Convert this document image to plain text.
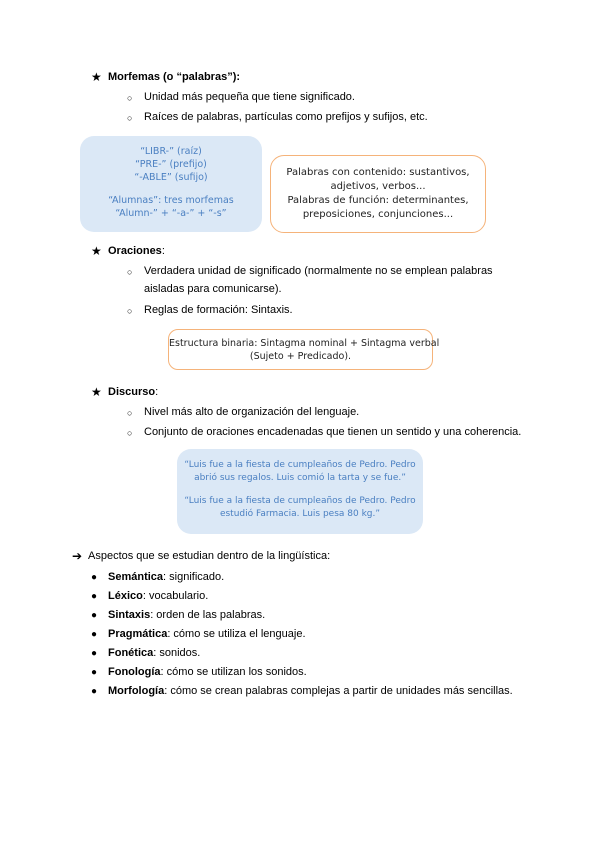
★ Morfemas (o “palabras”):
○ Unidad más pequeña que tiene significado.
○ Raíces de palabras, partículas como prefijos y sufijos, etc.
“LIBR-” (raíz)
“PRE-” (prefijo)
“-ABLE” (sufijo)
“Alumnas”: tres morfemas
“Alumn-” + “-a-” + “-s”
Palabras con contenido: sustantivos,
adjetivos, verbos...
Palabras de función: determinantes,
preposiciones, conjunciones...
★ Oraciones:
○ Verdadera unidad de significado (normalmente no se emplean palabras
aisladas para comunicarse).
○ Reglas de formación: Sintaxis.
Estructura binaria: Sintagma nominal + Sintagma verbal
(Sujeto + Predicado).
★ Discurso:
○ Nivel más alto de organización del lenguaje.
○ Conjunto de oraciones encadenadas que tienen un sentido y una coherencia.
“Luis fue a la fiesta de cumpleaños de Pedro. Pedro
abrió sus regalos. Luis comió la tarta y se fue.”
“Luis fue a la fiesta de cumpleaños de Pedro. Pedro
estudió Farmacia. Luis pesa 80 kg.”
➔ Aspectos que se estudian dentro de la lingüística:
● Semántica: significado.
● Léxico: vocabulario.
● Sintaxis: orden de las palabras.
● Pragmática: cómo se utiliza el lenguaje.
● Fonética: sonidos.
● Fonología: cómo se utilizan los sonidos.
● Morfología: cómo se crean palabras complejas a partir de unidades más sencillas.
